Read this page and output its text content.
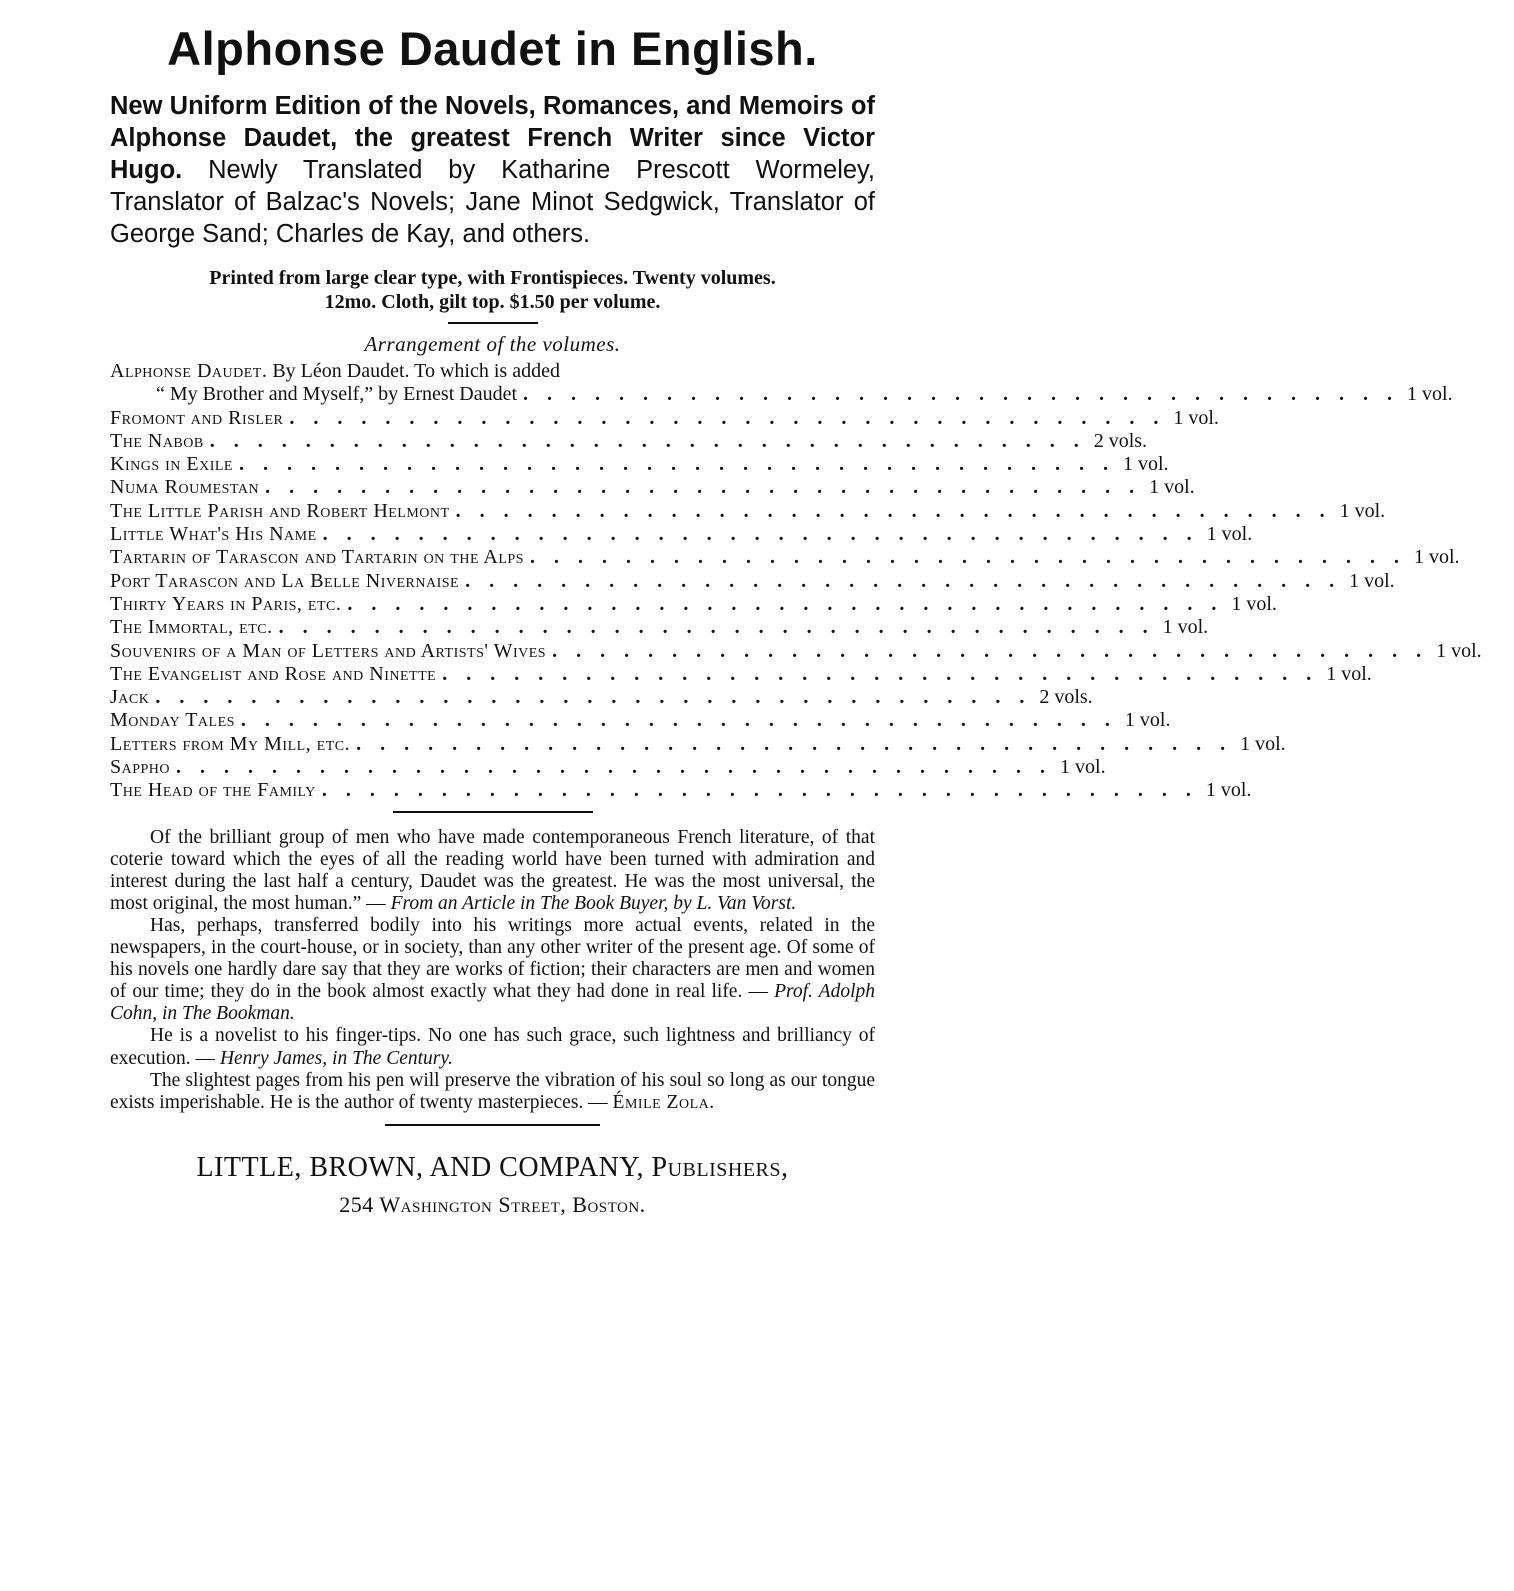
Alphonse Daudet in English.
New Uniform Edition of the Novels, Romances, and Memoirs of Alphonse Daudet, the greatest French Writer since Victor Hugo. Newly Translated by Katharine Prescott Wormeley, Translator of Balzac's Novels; Jane Minot Sedgwick, Translator of George Sand; Charles de Kay, and others.
Printed from large clear type, with Frontispieces. Twenty volumes.
12mo. Cloth, gilt top. $1.50 per volume.
Arrangement of the volumes.
Alphonse Daudet. By Léon Daudet. To which is added
“ My Brother and Myself,” by Ernest Daudet . . . . . . . . . . . . . . . . . . . . . . . . . . . . . . . . . . . . . 1 vol.
Fromont and Risler . . . . . . . . . . . . . . . . . . . . . . . . . . . . . . . . . . . . . 1 vol.
The Nabob . . . . . . . . . . . . . . . . . . . . . . . . . . . . . . . . . . . . . 2 vols.
Kings in Exile . . . . . . . . . . . . . . . . . . . . . . . . . . . . . . . . . . . . . 1 vol.
Numa Roumestan . . . . . . . . . . . . . . . . . . . . . . . . . . . . . . . . . . . . . 1 vol.
The Little Parish and Robert Helmont . . . . . . . . . . . . . . . . . . . . . . . . . . . . . . . . . . . . . 1 vol.
Little What's His Name . . . . . . . . . . . . . . . . . . . . . . . . . . . . . . . . . . . . . 1 vol.
Tartarin of Tarascon and Tartarin on the Alps . . . . . . . . . . . . . . . . . . . . . . . . . . . . . . . . . . . . . 1 vol.
Port Tarascon and La Belle Nivernaise . . . . . . . . . . . . . . . . . . . . . . . . . . . . . . . . . . . . . 1 vol.
Thirty Years in Paris, etc. . . . . . . . . . . . . . . . . . . . . . . . . . . . . . . . . . . . . . 1 vol.
The Immortal, etc. . . . . . . . . . . . . . . . . . . . . . . . . . . . . . . . . . . . . . 1 vol.
Souvenirs of a Man of Letters and Artists' Wives . . . . . . . . . . . . . . . . . . . . . . . . . . . . . . . . . . . . . 1 vol.
The Evangelist and Rose and Ninette . . . . . . . . . . . . . . . . . . . . . . . . . . . . . . . . . . . . . 1 vol.
Jack . . . . . . . . . . . . . . . . . . . . . . . . . . . . . . . . . . . . . 2 vols.
Monday Tales . . . . . . . . . . . . . . . . . . . . . . . . . . . . . . . . . . . . . 1 vol.
Letters from My Mill, etc. . . . . . . . . . . . . . . . . . . . . . . . . . . . . . . . . . . . . . 1 vol.
Sappho . . . . . . . . . . . . . . . . . . . . . . . . . . . . . . . . . . . . . 1 vol.
The Head of the Family . . . . . . . . . . . . . . . . . . . . . . . . . . . . . . . . . . . . . 1 vol.

Of the brilliant group of men who have made contemporaneous French literature, of that coterie toward which the eyes of all the reading world have been turned with admiration and interest during the last half a century, Daudet was the greatest. He was the most universal, the most original, the most human.” — From an Article in The Book Buyer, by L. Van Vorst.

Has, perhaps, transferred bodily into his writings more actual events, related in the newspapers, in the court-house, or in society, than any other writer of the present age. Of some of his novels one hardly dare say that they are works of fiction; their characters are men and women of our time; they do in the book almost exactly what they had done in real life. — Prof. Adolph Cohn, in The Bookman.

He is a novelist to his finger-tips. No one has such grace, such lightness and brilliancy of execution. — Henry James, in The Century.

The slightest pages from his pen will preserve the vibration of his soul so long as our tongue exists imperishable. He is the author of twenty masterpieces. — Émile Zola.

LITTLE, BROWN, AND COMPANY, Publishers,
254 Washington Street, Boston.
